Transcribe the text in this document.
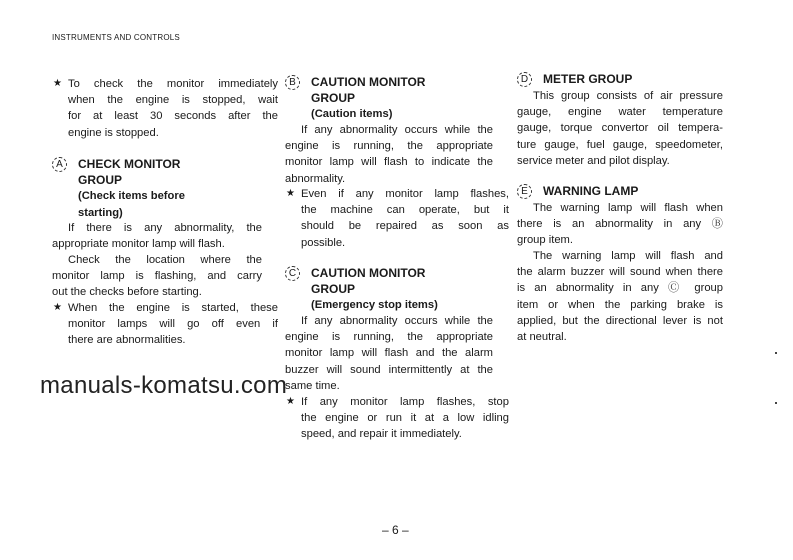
INSTRUMENTS AND CONTROLS
★ To check the monitor immediately
when the engine is stopped, wait
for at least 30 seconds after the
engine is stopped.
A	CHECK MONITOR
GROUP
(Check items before
starting)
If there is any abnormality, the
appropriate monitor lamp will flash.
Check the location where the
monitor lamp is flashing, and carry
out the checks before starting.
★ When the engine is started, these
monitor lamps will go off even if
there are abnormalities.
B	CAUTION MONITOR
GROUP
(Caution items)
If any abnormality occurs while the
engine is running, the appropriate
monitor lamp will flash to indicate the
abnormality.
★ Even if any monitor lamp flashes,
the machine can operate, but it
should be repaired as soon as
possible.
C	CAUTION MONITOR
GROUP
(Emergency stop items)
If any abnormality occurs while the
engine is running, the appropriate
monitor lamp will flash and the alarm
buzzer will sound intermittently at the
same time.
★ If any monitor lamp flashes, stop
the engine or run it at a low idling
speed, and repair it immediately.
D	METER GROUP
This group consists of air pressure
gauge, engine water temperature
gauge, torque convertor oil tempera-
ture gauge, fuel gauge, speedometer,
service meter and pilot display.
E	WARNING LAMP
The warning lamp will flash when
there is an abnormality in any Ⓑ
group item.
The warning lamp will flash and
the alarm buzzer will sound when there
is an abnormality in any Ⓒ group
item or when the parking brake is
applied, but the directional lever is not
at neutral.
manuals-komatsu.com
– 6 –
